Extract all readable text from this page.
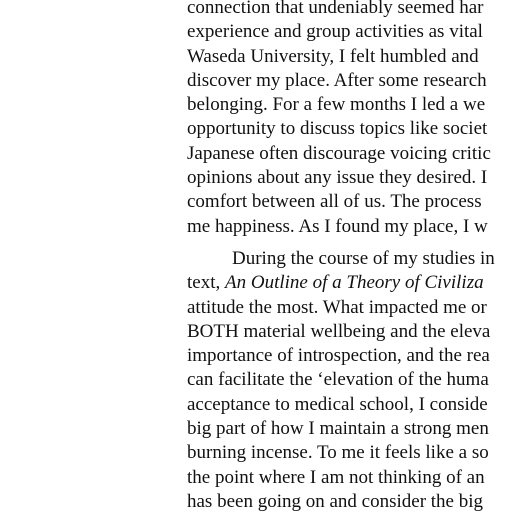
connection that undeniably seemed har
experience and group activities as vital
Waseda University, I felt humbled and
discover my place. After some research
belonging. For a few months I led a we
opportunity to discuss topics like societ
Japanese often discourage voicing critic
opinions about any issue they desired. I
comfort between all of us. The process
me happiness. As I found my place, I w
During the course of my studies in
text, An Outline of a Theory of Civiliza
attitude the most. What impacted me or
BOTH material wellbeing and the eleva
importance of introspection, and the rea
can facilitate the ‘elevation of the huma
acceptance to medical school, I conside
big part of how I maintain a strong men
burning incense. To me it feels like a so
the point where I am not thinking of an
has been going on and consider the big
